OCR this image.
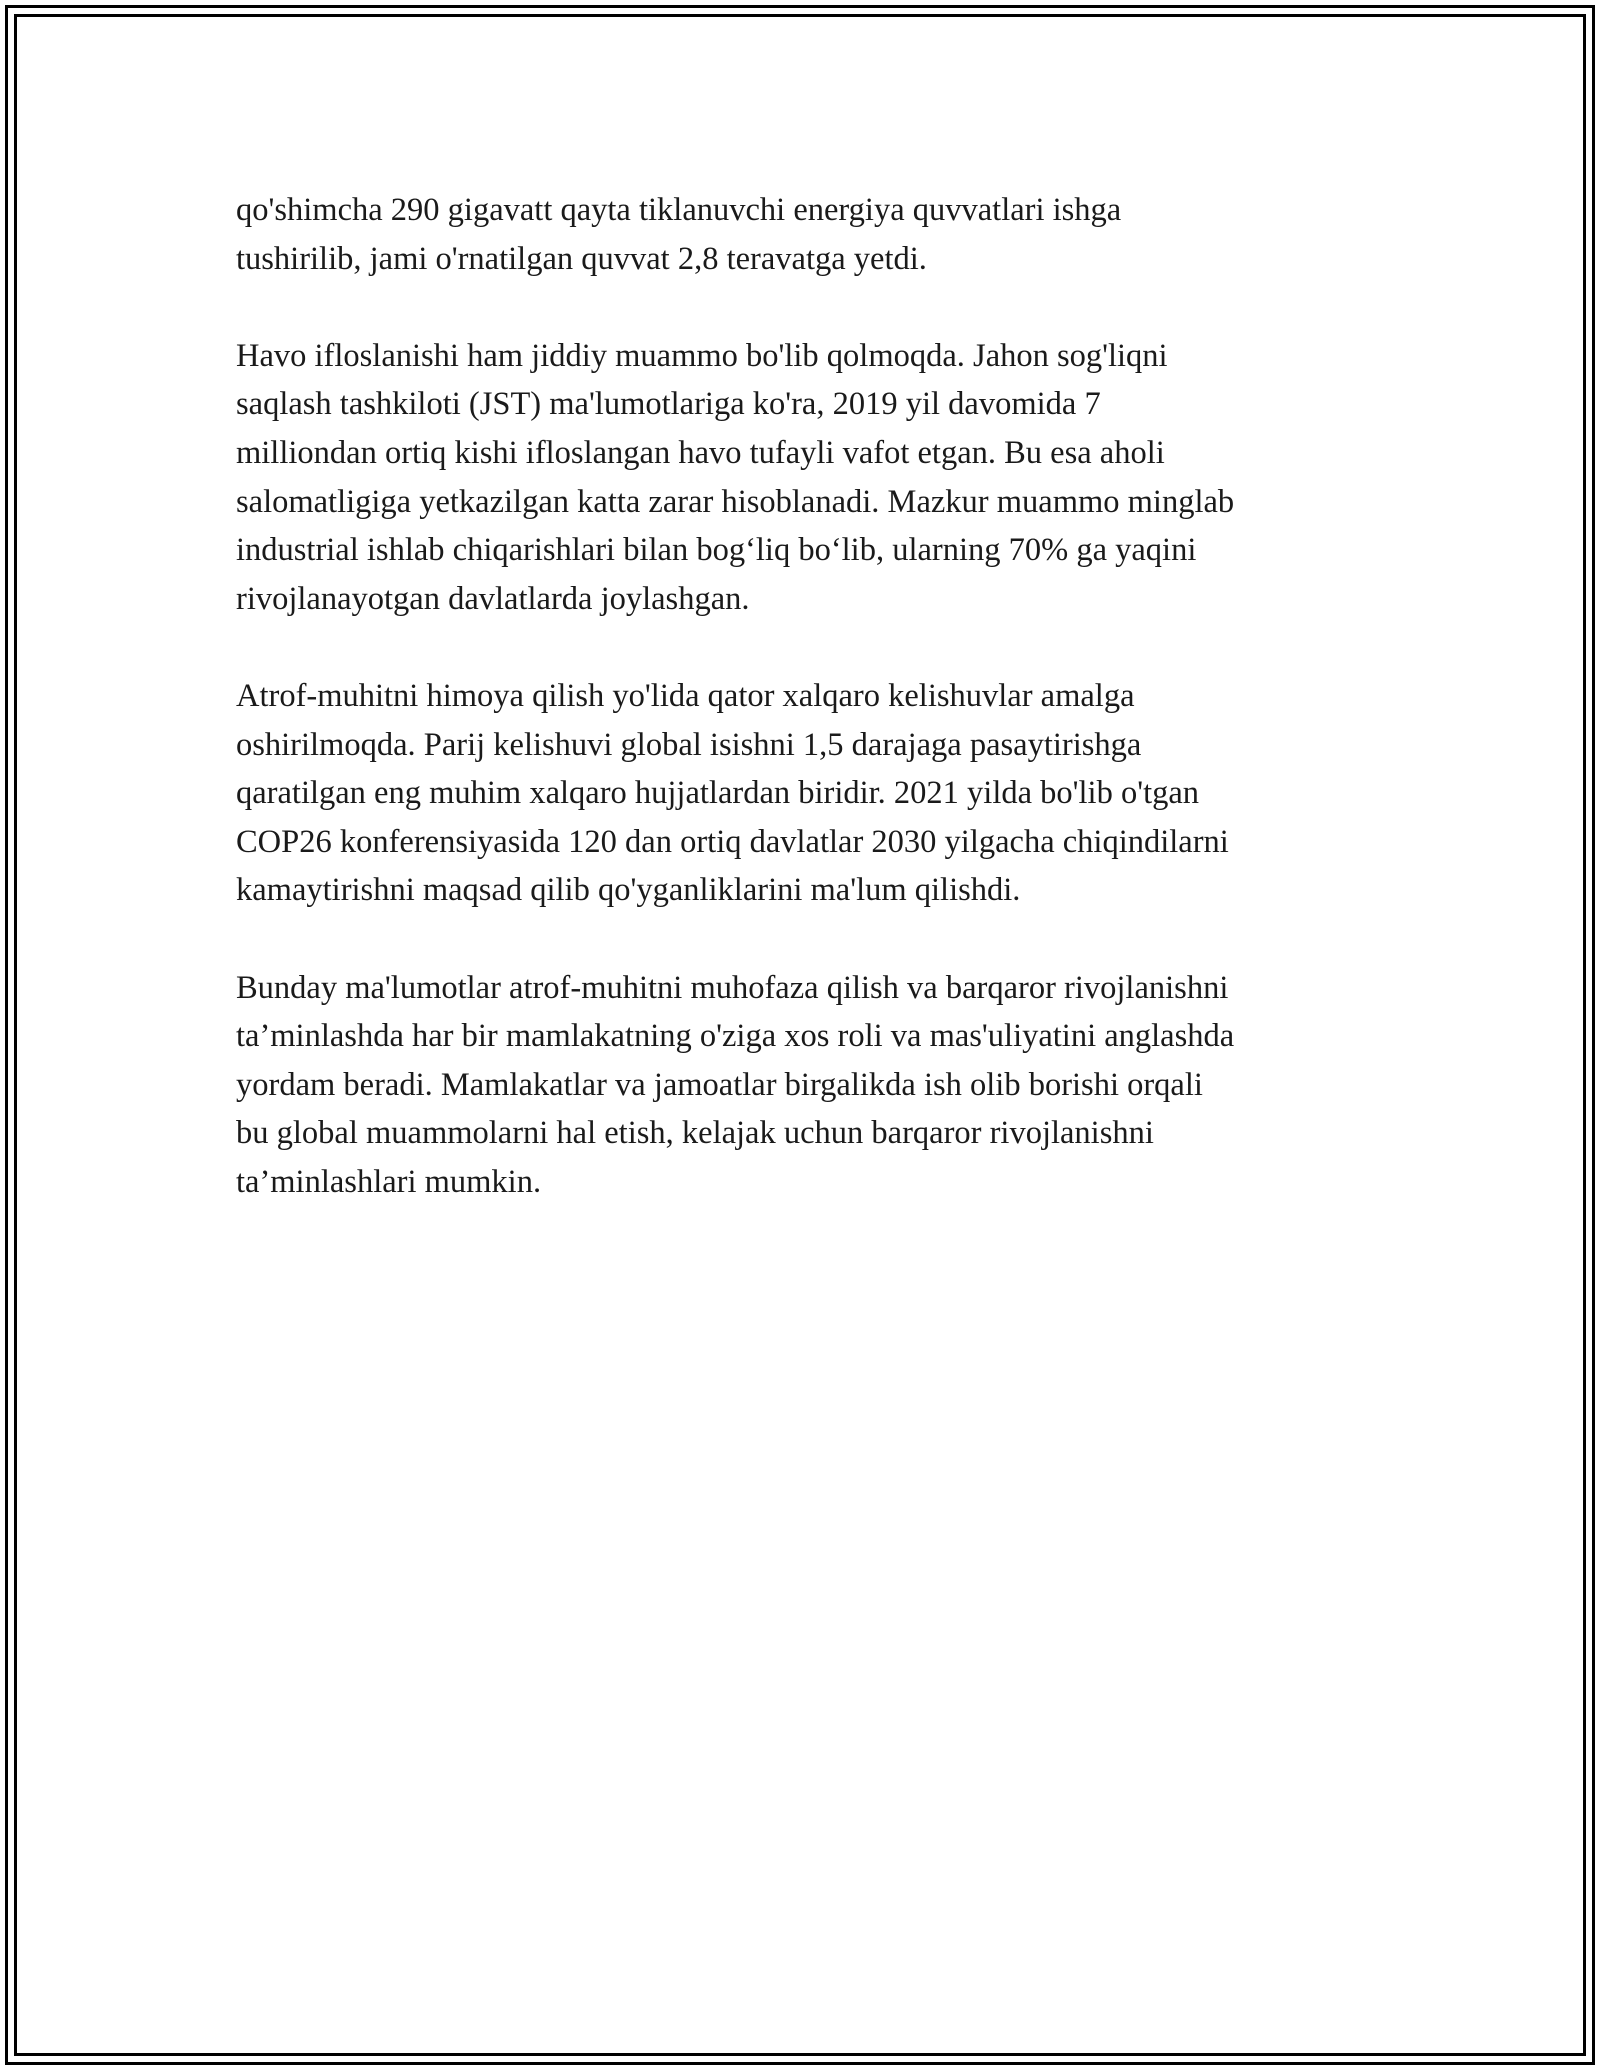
qo'shimcha 290 gigavatt qayta tiklanuvchi energiya quvvatlari ishga
tushirilib, jami o'rnatilgan quvvat 2,8 teravatga yetdi.

Havo ifloslanishi ham jiddiy muammo bo'lib qolmoqda. Jahon sog'liqni
saqlash tashkiloti (JST) ma'lumotlariga ko'ra, 2019 yil davomida 7
milliondan ortiq kishi ifloslangan havo tufayli vafot etgan. Bu esa aholi
salomatligiga yetkazilgan katta zarar hisoblanadi. Mazkur muammo minglab
industrial ishlab chiqarishlari bilan bog‘liq bo‘lib, ularning 70% ga yaqini
rivojlanayotgan davlatlarda joylashgan.

Atrof-muhitni himoya qilish yo'lida qator xalqaro kelishuvlar amalga
oshirilmoqda. Parij kelishuvi global isishni 1,5 darajaga pasaytirishga
qaratilgan eng muhim xalqaro hujjatlardan biridir. 2021 yilda bo'lib o'tgan
COP26 konferensiyasida 120 dan ortiq davlatlar 2030 yilgacha chiqindilarni
kamaytirishni maqsad qilib qo'yganliklarini ma'lum qilishdi.

Bunday ma'lumotlar atrof-muhitni muhofaza qilish va barqaror rivojlanishni
ta’minlashda har bir mamlakatning o'ziga xos roli va mas'uliyatini anglashda
yordam beradi. Mamlakatlar va jamoatlar birgalikda ish olib borishi orqali
bu global muammolarni hal etish, kelajak uchun barqaror rivojlanishni
ta’minlashlari mumkin.
